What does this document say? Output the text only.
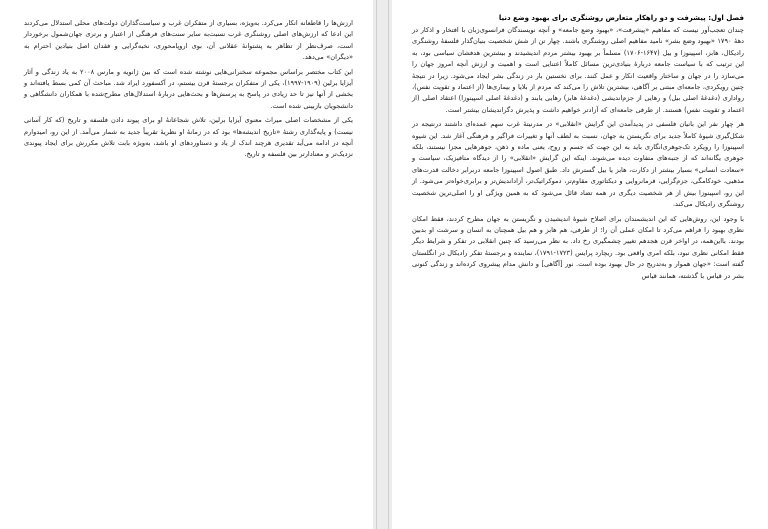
ارزش‌ها را قاطعانه انکار می‌کرد. به‌ویژه، بسیاری از متفکران غرب و سیاست‌گذاران دولت‌های محلی استدلال می‌کردند این ادعا که ارزش‌های اصلی روشنگری غرب نسبت‌به سایر سنت‌های فرهنگی از اعتبار و برتری جهان‌شمول برخوردار است، صرف‌نظر از تظاهر به پشتوانهٔ عقلانی آن، بوی اروپامحوری، نخبه‌گرایی و فقدان اصل بنیادین احترام به «دیگران» می‌دهد.

این کتاب مختصر براساس مجموعه سخنرانی‌هایی نوشته شده است که بین ژانویه و مارس ۲۰۰۸ به یاد زندگی و آثار آیزایا برلین (۱۹۰۹-۱۹۹۷)، یکی از متفکران برجستهٔ قرن بیستم، در آکسفورد ایراد شد. مباحث آن کمی بسط یافته‌اند و بخشی از آنها نیز تا حد زیادی در پاسخ به پرسش‌ها و بحث‌هایی دربارهٔ استدلال‌های مطرح‌شده با همکاران دانشگاهی و دانشجویان بازبینی شده است.

یکی از مشخصات اصلی میراث معنوی آیزایا برلین، تلاش شجاعانهٔ او برای پیوند دادن فلسفه و تاریخ (که کار آسانی نیست) و پایه‌گذاری رشتهٔ «تاریخ اندیشه‌ها» بود که در زمانهٔ او نظریهٔ تقریباً جدید به شمار می‌آمد. از این رو، امیدوارم آنچه در ادامه می‌آید تقدیری هرچند اندک از یاد و دستاوردهای او باشد، به‌ویژه بابت تلاش مکررش برای ایجاد پیوندی نزدیک‌تر و معنادارتر بین فلسفه و تاریخ.

فصل اول: پیشرفت و دو راهکار متعارض روشنگری برای بهبود وضع دنیا

چندان تعجب‌آور نیست که مفاهیم «پیشرفت»، «بهبود وضع جامعه» و آنچه نویسندگان فرانسوی‌زبان با افتخار و اذکار در دههٔ ۱۷۹۰ «بهبود وضع بشر» نامید مفاهیم اصلی روشنگری باشند. چهار تن از شش شخصیت بنیان‌گذار فلسفهٔ روشنگری رادیکال، هابز، اسپینوزا و بیل (۱۶۴۷-۱۷۰۶) مسلماً بر بهبود بیشتر مردم اندیشیدند و بیشترین هدفشان سیاسی بود، به این ترتیب که با سیاست جامعه دربارهٔ بنیادی‌ترین مسائل کاملاً اعتنایی است و اهمیت و ارزش آنچه امروز جهان را می‌سازد را در جهان و ساختار واقعیت انکار و عمل کنند. برای نخستین بار در زندگی بشر ایجاد می‌شود. زیرا در نتیجهٔ چنین رویکردی، جامعه‌ای مبتنی بر آگاهی، بیشترین تلاش را می‌کند که مردم از بلایا و بیماری‌ها (از اعتماد و تقویت نفس)، رواداری (دغدغهٔ اصلی بیل) و رهایی از جزم‌اندیشی (دغدغهٔ هابز) رهایی یابند و (دغدغهٔ اصلی اسپینوزا) اعتقاد اصلی (از اعتماد و تقویت نفس) هستند. از طرفی جامعه‌ای که آزادتر خواهیم داشت و پذیرش دگراندیشان بیشتر است.

هر چهار نفر این بانیان فلسفی در پدیدآمدن این گرایش «انقلابی» در مدرنیتهٔ غرب سهم عمده‌ای داشتند درنتیجه در شکل‌گیری شیوهٔ کاملاً جدید برای نگریستن به جهان، نسبت به لطف آنها و تغییرات فراگیر و فرهنگی آغاز شد. این شیوه اسپینوزا را رویکرد تک‌جوهری‌انگاری باید به این جهت که جسم و روح، یعنی ماده و ذهن، جوهرهایی مجزا نیستند، بلکه جوهری یگانه‌اند که از جنبه‌های متفاوت دیده می‌شوند. اینکه این گرایش «انقلابی» را از دیدگاه متافیزیک، سیاست و «سعادت انسانی» بسیار بیشتر از دکارت، هابز یا بیل گسترش داد. طبق اصول اسپینوزا جامعه دربرابر دخالت قدرت‌های مذهبی، خودکامگی، جزم‌گرایی، فرمانروایی و دیکتاتوری مقاوم‌تر، دموکراتیک‌تر، آزاداندیش‌تر و برابری‌خواه‌تر می‌شود. از این رو، اسپینوزا بیش از هر شخصیت دیگری در همه تضاد قائل می‌شود که به همین ویژگی او را اصلی‌ترین شخصیت روشنگری رادیکال می‌کند.

با وجود این، روش‌هایی که این اندیشمندان برای اصلاح شیوهٔ اندیشیدن و نگریستن به جهان مطرح کردند، فقط امکان نظری بهبود را فراهم می‌کرد تا امکان عملی آن را؛ از طرفی، هم هابز و هم بیل همچنان به انسان و سرشت او بدبین بودند. بااین‌همه، در اواخر قرن هجدهم تغییر چشمگیری رخ داد. به نظر می‌رسید که چنین انقلابی در تفکر و شرایط دیگر فقط امکانی نظری نبود، بلکه امری واقعی بود. ریچارد پرایس (۱۷۲۳-۱۷۹۱)، نماینده و برجستهٔ تفکر رادیکال در انگلستان گفته است: «جهان هموار و به‌تدریج در حال بهبود بوده است. نور [آگاهی] و دانش مدام پیشروی کرده‌اند و زندگی کنونی بشر در قیاس با گذشته، همانند قیاس
